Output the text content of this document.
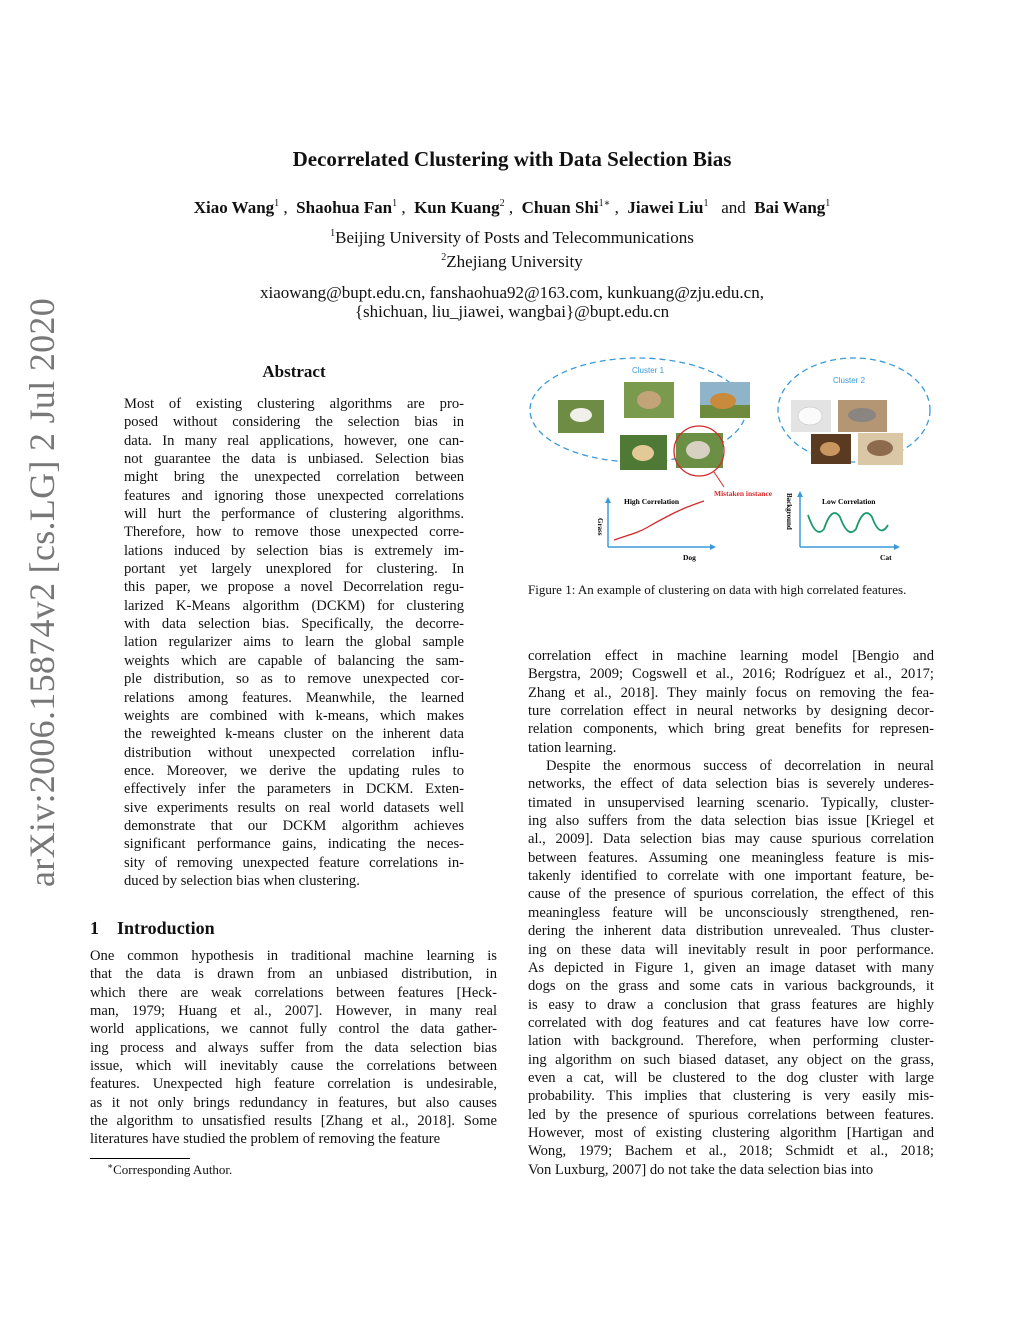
arXiv:2006.15874v2 [cs.LG] 2 Jul 2020
Decorrelated Clustering with Data Selection Bias
Xiao Wang$^1$ ,  Shaohua Fan$^1$ ,  Kun Kuang$^2$ ,  Chuan Shi$^{1∗}$ ,  Jiawei Liu$^1$ and Bai Wang$^1$
$^1$Beijing University of Posts and Telecommunications
$^2$Zhejiang University
xiaowang@bupt.edu.cn, fanshaohua92@163.com, kunkuang@zju.edu.cn,
{shichuan, liu_jiawei, wangbai}@bupt.edu.cn
Abstract
Most of existing clustering algorithms are pro-
posed without considering the selection bias in
data. In many real applications, however, one can-
not guarantee the data is unbiased. Selection bias
might bring the unexpected correlation between
features and ignoring those unexpected correlations
will hurt the performance of clustering algorithms.
Therefore, how to remove those unexpected corre-
lations induced by selection bias is extremely im-
portant yet largely unexplored for clustering. In
this paper, we propose a novel Decorrelation regu-
larized K-Means algorithm (DCKM) for clustering
with data selection bias. Specifically, the decorre-
lation regularizer aims to learn the global sample
weights which are capable of balancing the sam-
ple distribution, so as to remove unexpected cor-
relations among features. Meanwhile, the learned
weights are combined with k-means, which makes
the reweighted k-means cluster on the inherent data
distribution without unexpected correlation influ-
ence. Moreover, we derive the updating rules to
effectively infer the parameters in DCKM. Exten-
sive experiments results on real world datasets well
demonstrate that our DCKM algorithm achieves
significant performance gains, indicating the neces-
sity of removing unexpected feature correlations in-
duced by selection bias when clustering.
1    Introduction
One common hypothesis in traditional machine learning is
that the data is drawn from an unbiased distribution, in
which there are weak correlations between features [Heck-
man, 1979; Huang et al., 2007]. However, in many real
world applications, we cannot fully control the data gather-
ing process and always suffer from the data selection bias
issue, which will inevitably cause the correlations between
features. Unexpected high feature correlation is undesirable,
as it not only brings redundancy in features, but also causes
the algorithm to unsatisfied results [Zhang et al., 2018]. Some
literatures have studied the problem of removing the feature
∗Corresponding Author.
Cluster 1
Cluster 2
Mistaken instance
High Correlation
Grass
Dog
Low Correlation
Background
Cat
Figure 1: An example of clustering on data with high correlated features.
correlation effect in machine learning model [Bengio and
Bergstra, 2009; Cogswell et al., 2016; Rodríguez et al., 2017;
Zhang et al., 2018]. They mainly focus on removing the fea-
ture correlation effect in neural networks by designing decor-
relation components, which bring great benefits for represen-
tation learning.
Despite the enormous success of decorrelation in neural
networks, the effect of data selection bias is severely underes-
timated in unsupervised learning scenario. Typically, cluster-
ing also suffers from the data selection bias issue [Kriegel et
al., 2009]. Data selection bias may cause spurious correlation
between features. Assuming one meaningless feature is mis-
takenly identified to correlate with one important feature, be-
cause of the presence of spurious correlation, the effect of this
meaningless feature will be unconsciously strengthened, ren-
dering the inherent data distribution unrevealed. Thus cluster-
ing on these data will inevitably result in poor performance.
As depicted in Figure 1, given an image dataset with many
dogs on the grass and some cats in various backgrounds, it
is easy to draw a conclusion that grass features are highly
correlated with dog features and cat features have low corre-
lation with background. Therefore, when performing cluster-
ing algorithm on such biased dataset, any object on the grass,
even a cat, will be clustered to the dog cluster with large
probability. This implies that clustering is very easily mis-
led by the presence of spurious correlations between features.
However, most of existing clustering algorithm [Hartigan and
Wong, 1979; Bachem et al., 2018; Schmidt et al., 2018;
Von Luxburg, 2007] do not take the data selection bias into
